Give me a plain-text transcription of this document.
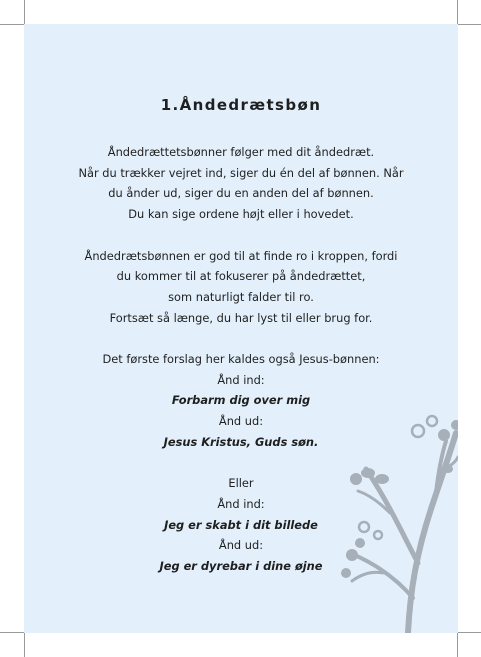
1.Åndedrætsbøn
Åndedrættetsbønner følger med dit åndedræt.
Når du trækker vejret ind, siger du én del af bønnen. Når
du ånder ud, siger du en anden del af bønnen.
Du kan sige ordene højt eller i hovedet.
Åndedrætsbønnen er god til at finde ro i kroppen, fordi
du kommer til at fokuserer på åndedrættet,
som naturligt falder til ro.
Fortsæt så længe, du har lyst til eller brug for.
Det første forslag her kaldes også Jesus-bønnen:
Ånd ind:
Forbarm dig over mig
Ånd ud:
Jesus Kristus, Guds søn.
Eller
Ånd ind:
Jeg er skabt i dit billede
Ånd ud:
Jeg er dyrebar i dine øjne
